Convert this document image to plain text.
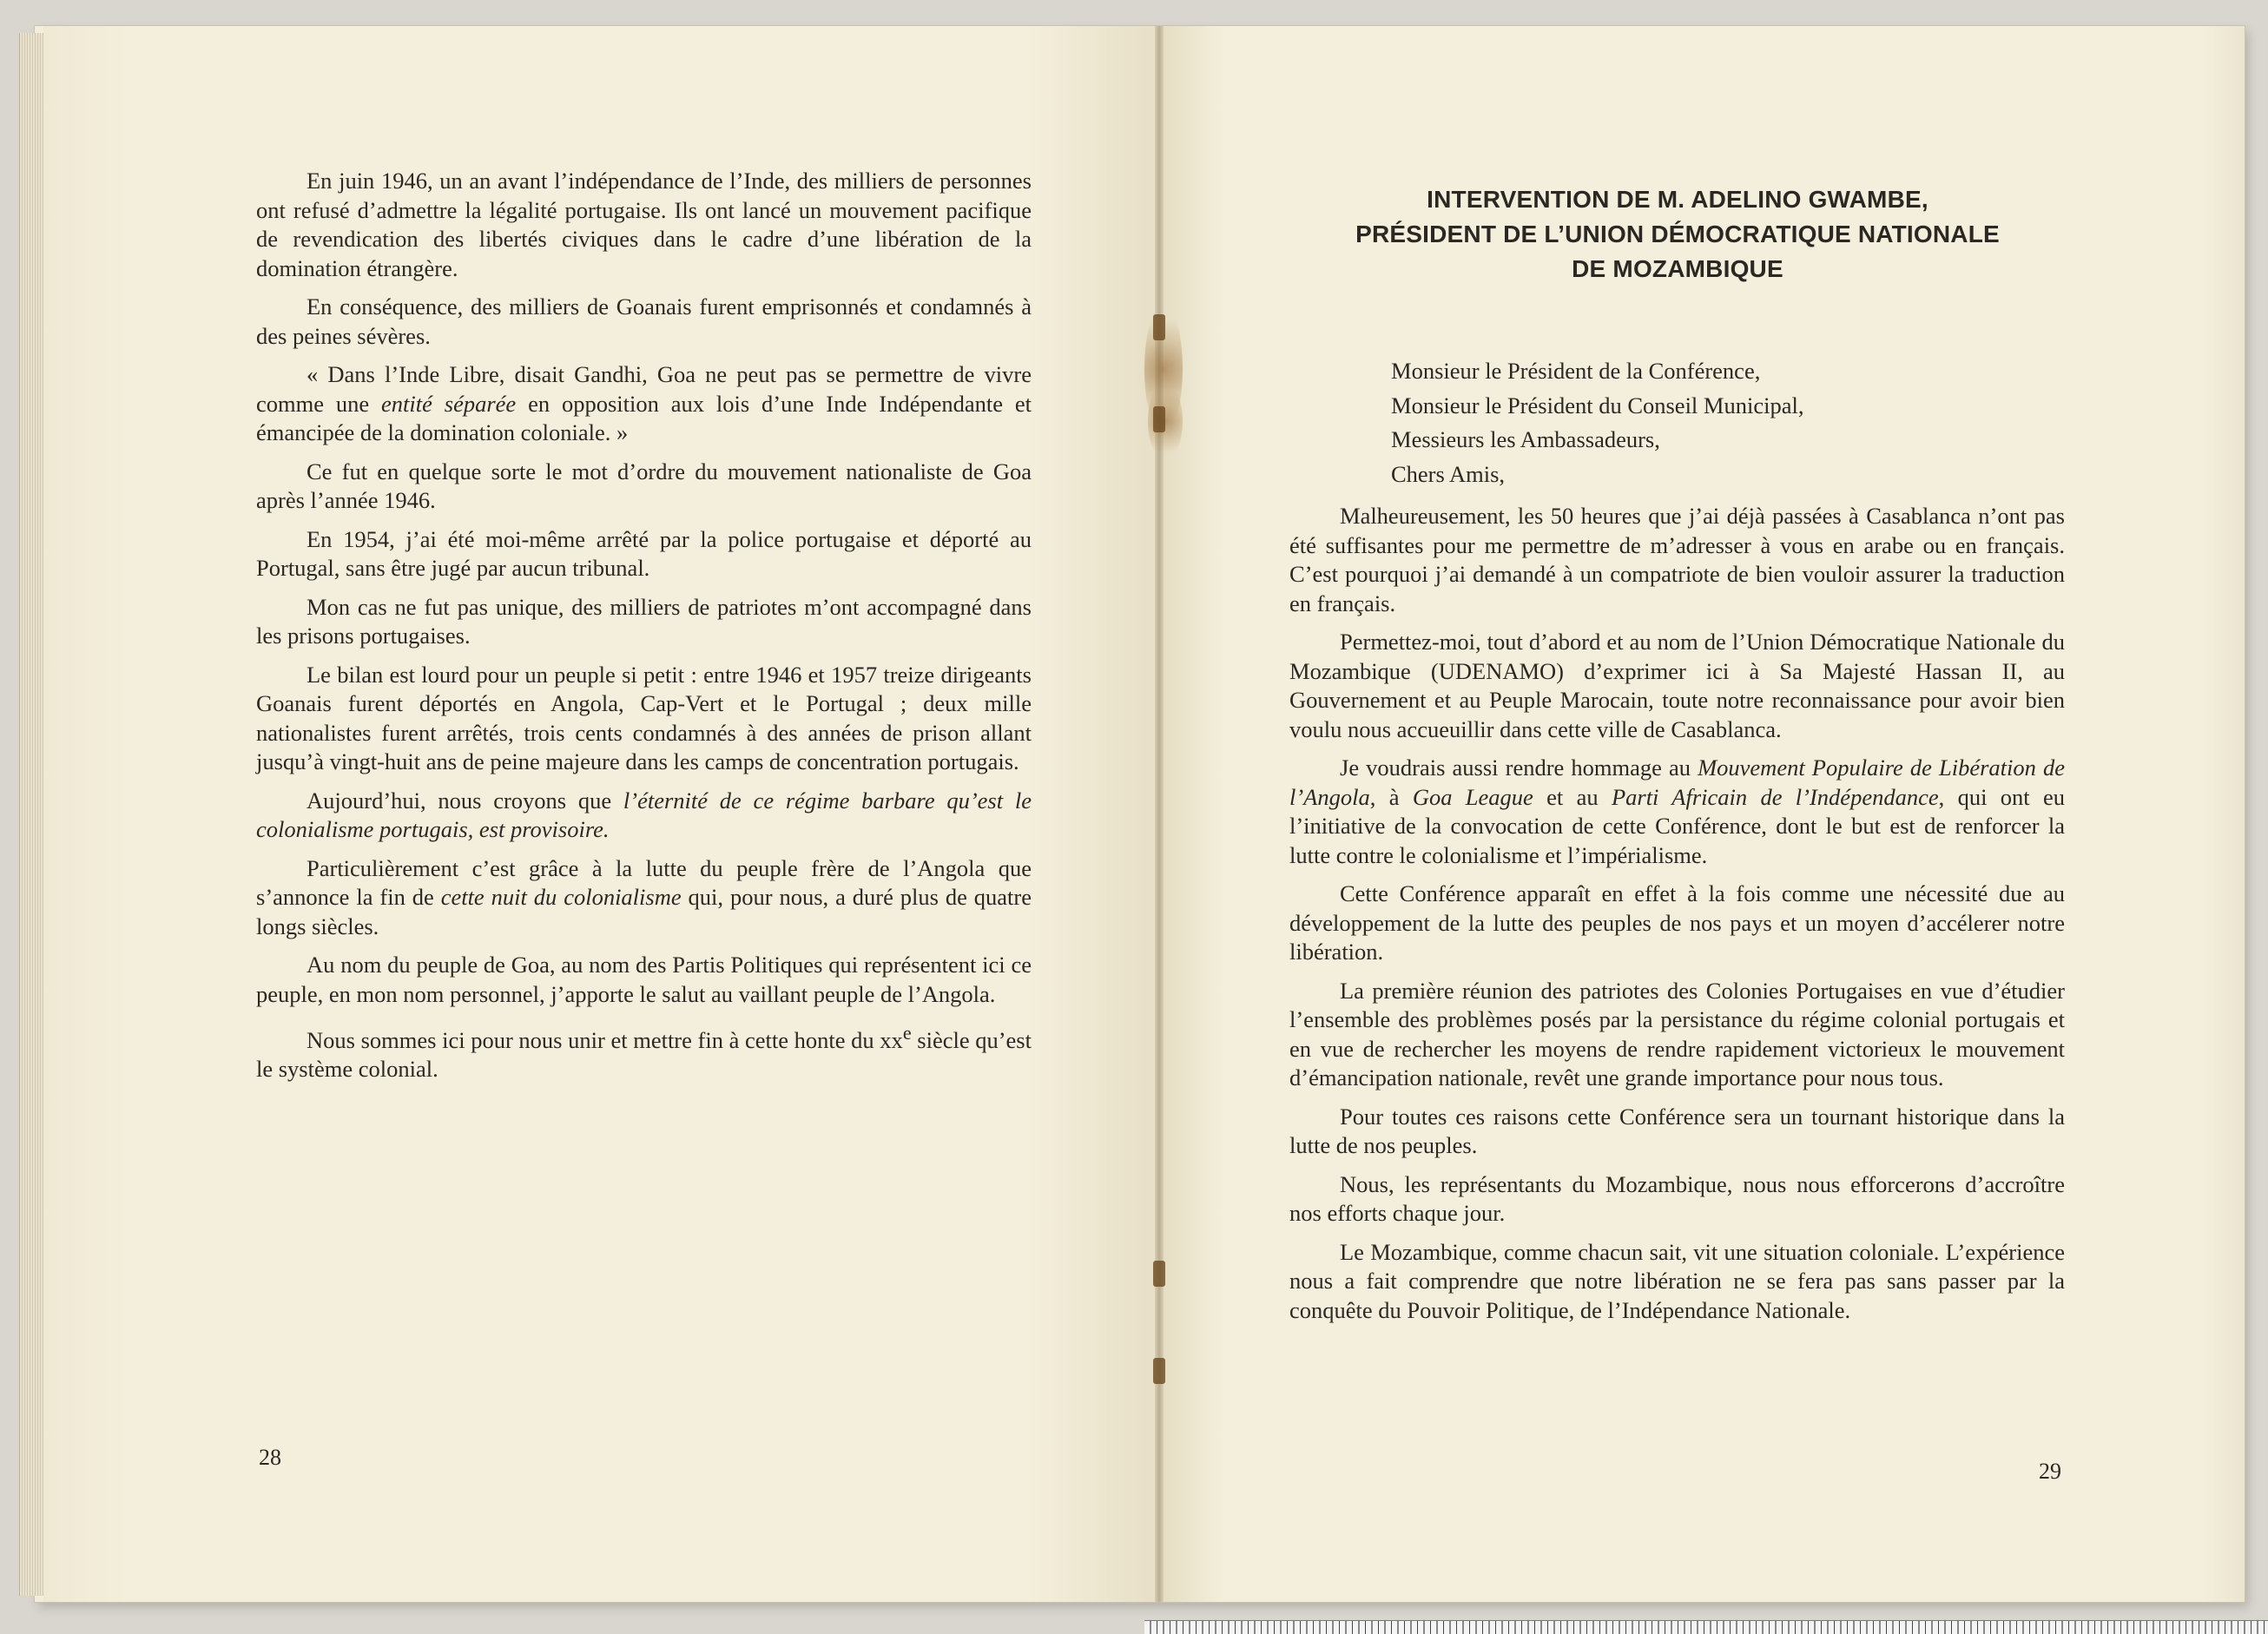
En juin 1946, un an avant l’indépendance de l’Inde, des milliers de personnes ont refusé d’admettre la légalité portugaise. Ils ont lancé un mouvement pacifique de revendication des libertés civiques dans le cadre d’une libération de la domination étrangère.

En conséquence, des milliers de Goanais furent emprisonnés et condamnés à des peines sévères.

« Dans l’Inde Libre, disait Gandhi, Goa ne peut pas se permettre de vivre comme une entité séparée en opposition aux lois d’une Inde Indépendante et émancipée de la domination coloniale. »

Ce fut en quelque sorte le mot d’ordre du mouvement nationaliste de Goa après l’année 1946.

En 1954, j’ai été moi-même arrêté par la police portugaise et déporté au Portugal, sans être jugé par aucun tribunal.

Mon cas ne fut pas unique, des milliers de patriotes m’ont accompagné dans les prisons portugaises.

Le bilan est lourd pour un peuple si petit : entre 1946 et 1957 treize dirigeants Goanais furent déportés en Angola, Cap-Vert et le Portugal ; deux mille nationalistes furent arrêtés, trois cents condamnés à des années de prison allant jusqu’à vingt-huit ans de peine majeure dans les camps de concentration portugais.

Aujourd’hui, nous croyons que l’éternité de ce régime barbare qu’est le colonialisme portugais, est provisoire.

Particulièrement c’est grâce à la lutte du peuple frère de l’Angola que s’annonce la fin de cette nuit du colonialisme qui, pour nous, a duré plus de quatre longs siècles.

Au nom du peuple de Goa, au nom des Partis Politiques qui représentent ici ce peuple, en mon nom personnel, j’apporte le salut au vaillant peuple de l’Angola.

Nous sommes ici pour nous unir et mettre fin à cette honte du $xx^e$ siècle qu’est le système colonial.

28
INTERVENTION DE M. ADELINO GWAMBE,
PRÉSIDENT DE L’UNION DÉMOCRATIQUE NATIONALE
DE MOZAMBIQUE
Monsieur le Président de la Conférence,
Monsieur le Président du Conseil Municipal,
Messieurs les Ambassadeurs,
Chers Amis,

Malheureusement, les 50 heures que j’ai déjà passées à Casablanca n’ont pas été suffisantes pour me permettre de m’adresser à vous en arabe ou en français. C’est pourquoi j’ai demandé à un compatriote de bien vouloir assurer la traduction en français.

Permettez-moi, tout d’abord et au nom de l’Union Démocratique Nationale du Mozambique (UDENAMO) d’exprimer ici à Sa Majesté Hassan II, au Gouvernement et au Peuple Marocain, toute notre reconnaissance pour avoir bien voulu nous accueuillir dans cette ville de Casablanca.

Je voudrais aussi rendre hommage au Mouvement Populaire de Libération de l’Angola, à Goa League et au Parti Africain de l’Indépendance, qui ont eu l’initiative de la convocation de cette Conférence, dont le but est de renforcer la lutte contre le colonialisme et l’impérialisme.

Cette Conférence apparaît en effet à la fois comme une nécessité due au développement de la lutte des peuples de nos pays et un moyen d’accélerer notre libération.

La première réunion des patriotes des Colonies Portugaises en vue d’étudier l’ensemble des problèmes posés par la persistance du régime colonial portugais et en vue de rechercher les moyens de rendre rapidement victorieux le mouvement d’émancipation nationale, revêt une grande importance pour nous tous.

Pour toutes ces raisons cette Conférence sera un tournant historique dans la lutte de nos peuples.

Nous, les représentants du Mozambique, nous nous efforcerons d’accroître nos efforts chaque jour.

Le Mozambique, comme chacun sait, vit une situation coloniale. L’expérience nous a fait comprendre que notre libération ne se fera pas sans passer par la conquête du Pouvoir Politique, de l’Indépendance Nationale.

29
